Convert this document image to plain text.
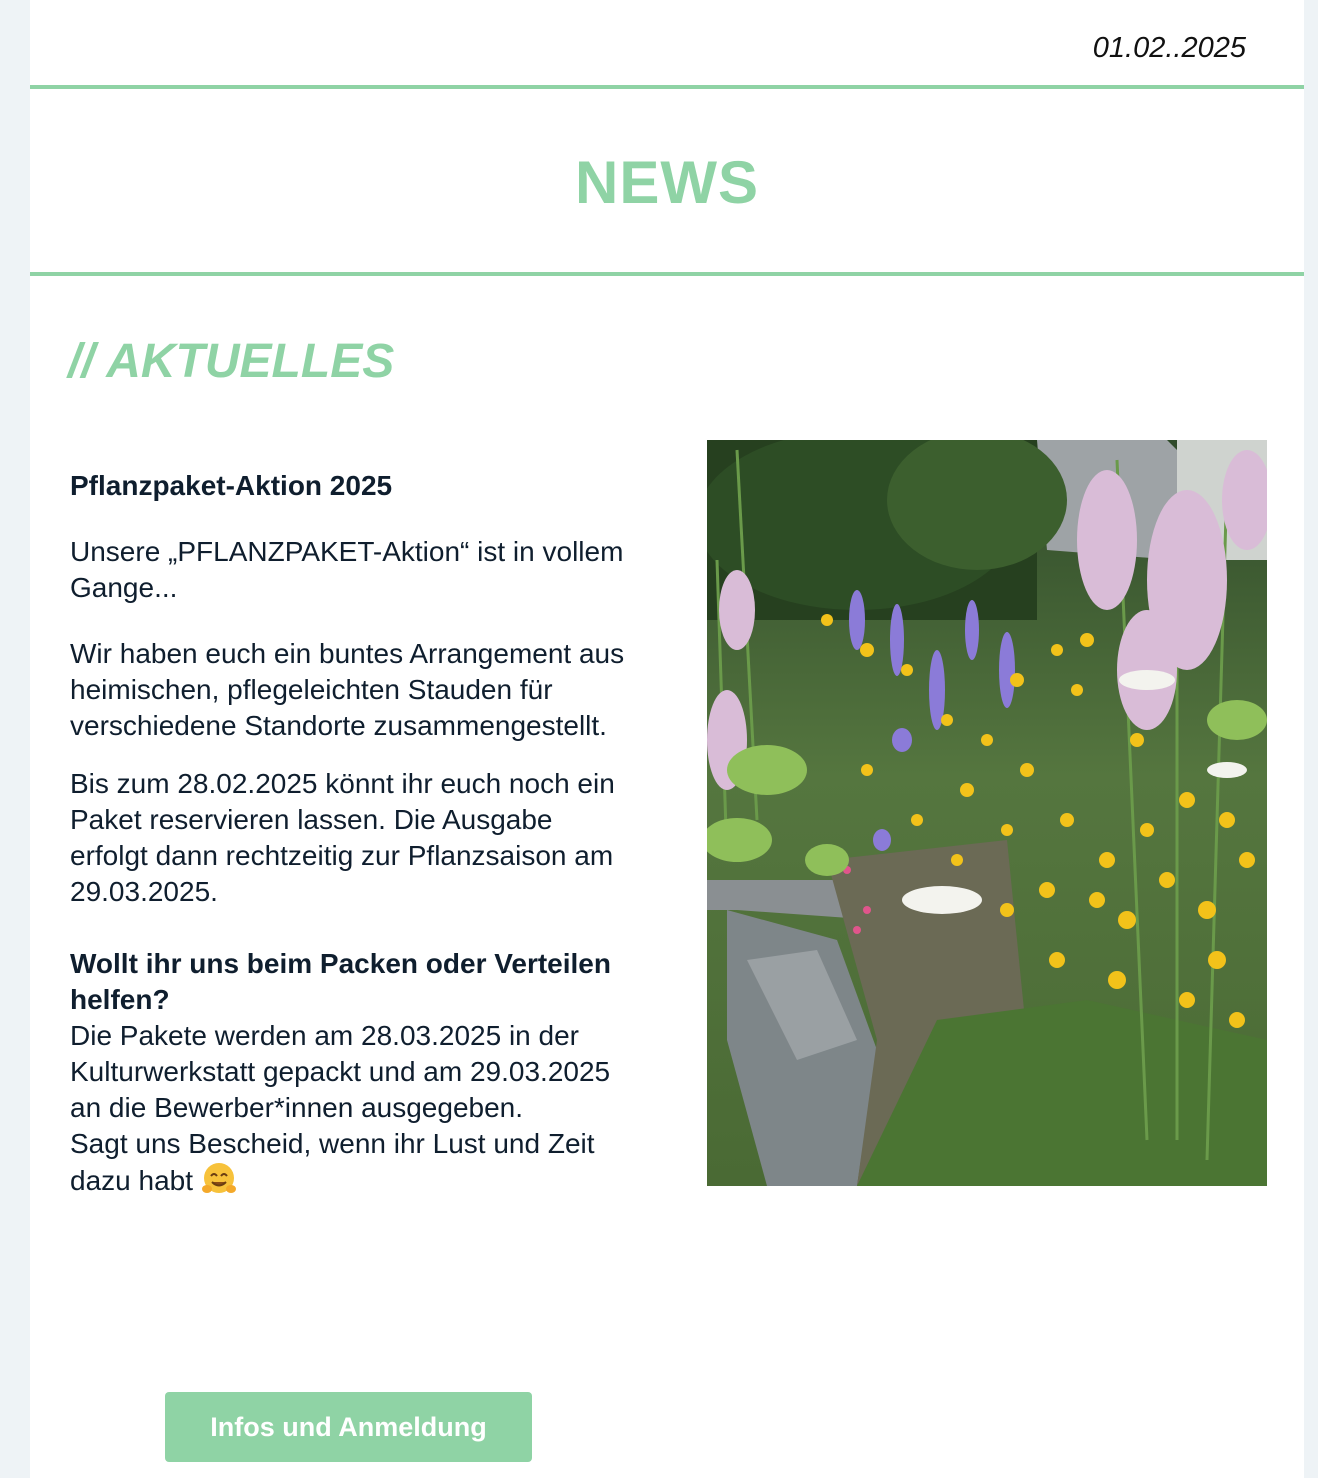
01.02..2025
NEWS
// AKTUELLES

Pflanzpaket-Aktion 2025

Unsere „PFLANZPAKET-Aktion“ ist in vollem Gange...

Wir haben euch ein buntes Arrangement aus heimischen, pflegeleichten Stauden für verschiedene Standorte zusammengestellt.

Bis zum 28.02.2025 könnt ihr euch noch ein Paket reservieren lassen. Die Ausgabe erfolgt dann rechtzeitig zur Pflanzsaison am 29.03.2025.

Wollt ihr uns beim Packen oder Verteilen helfen?

Die Pakete werden am 28.03.2025 in der Kulturwerkstatt gepackt und am 29.03.2025 an die Bewerber*innen ausgegeben.

Sagt uns Bescheid, wenn ihr Lust und Zeit dazu habt

Infos und Anmeldung
